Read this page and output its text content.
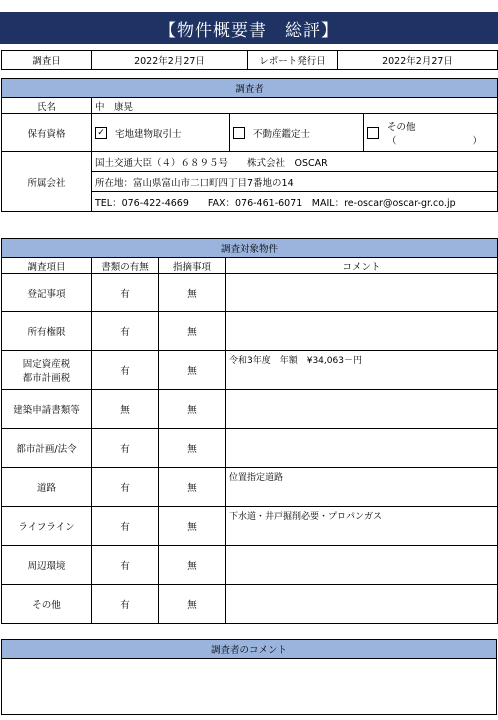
【物件概要書　総評】
調査日	2022年2月27日	レポート発行日	2022年2月27日
調査者			
氏名	中　康晃		
保有資格	✓ 宅地建物取引士	不動産鑑定士	その他
（　　　　　　　　）

所属会社	国土交通大臣（４）６８９５号　　株式会社　OSCAR		
	所在地：富山県富山市二口町四丁目7番地の14		
	TEL：076-422-4669　　FAX：076-461-6071　MAIL：re-oscar@oscar-gr.co.jp		
調査対象物件			
調査項目	書類の有無	指摘事項	コメント
登記事項	有	無	
所有権限	有	無	

固定資産税
都市計画税	有	無	令和3年度　年額　¥34,063－円
建築申請書類等	無	無	
都市計画/法令	有	無	
道路	有	無	位置指定道路
ライフライン	有	無	下水道・井戸掘削必要・プロパンガス
周辺環境	有	無	
その他	有	無	
調査者のコメント
